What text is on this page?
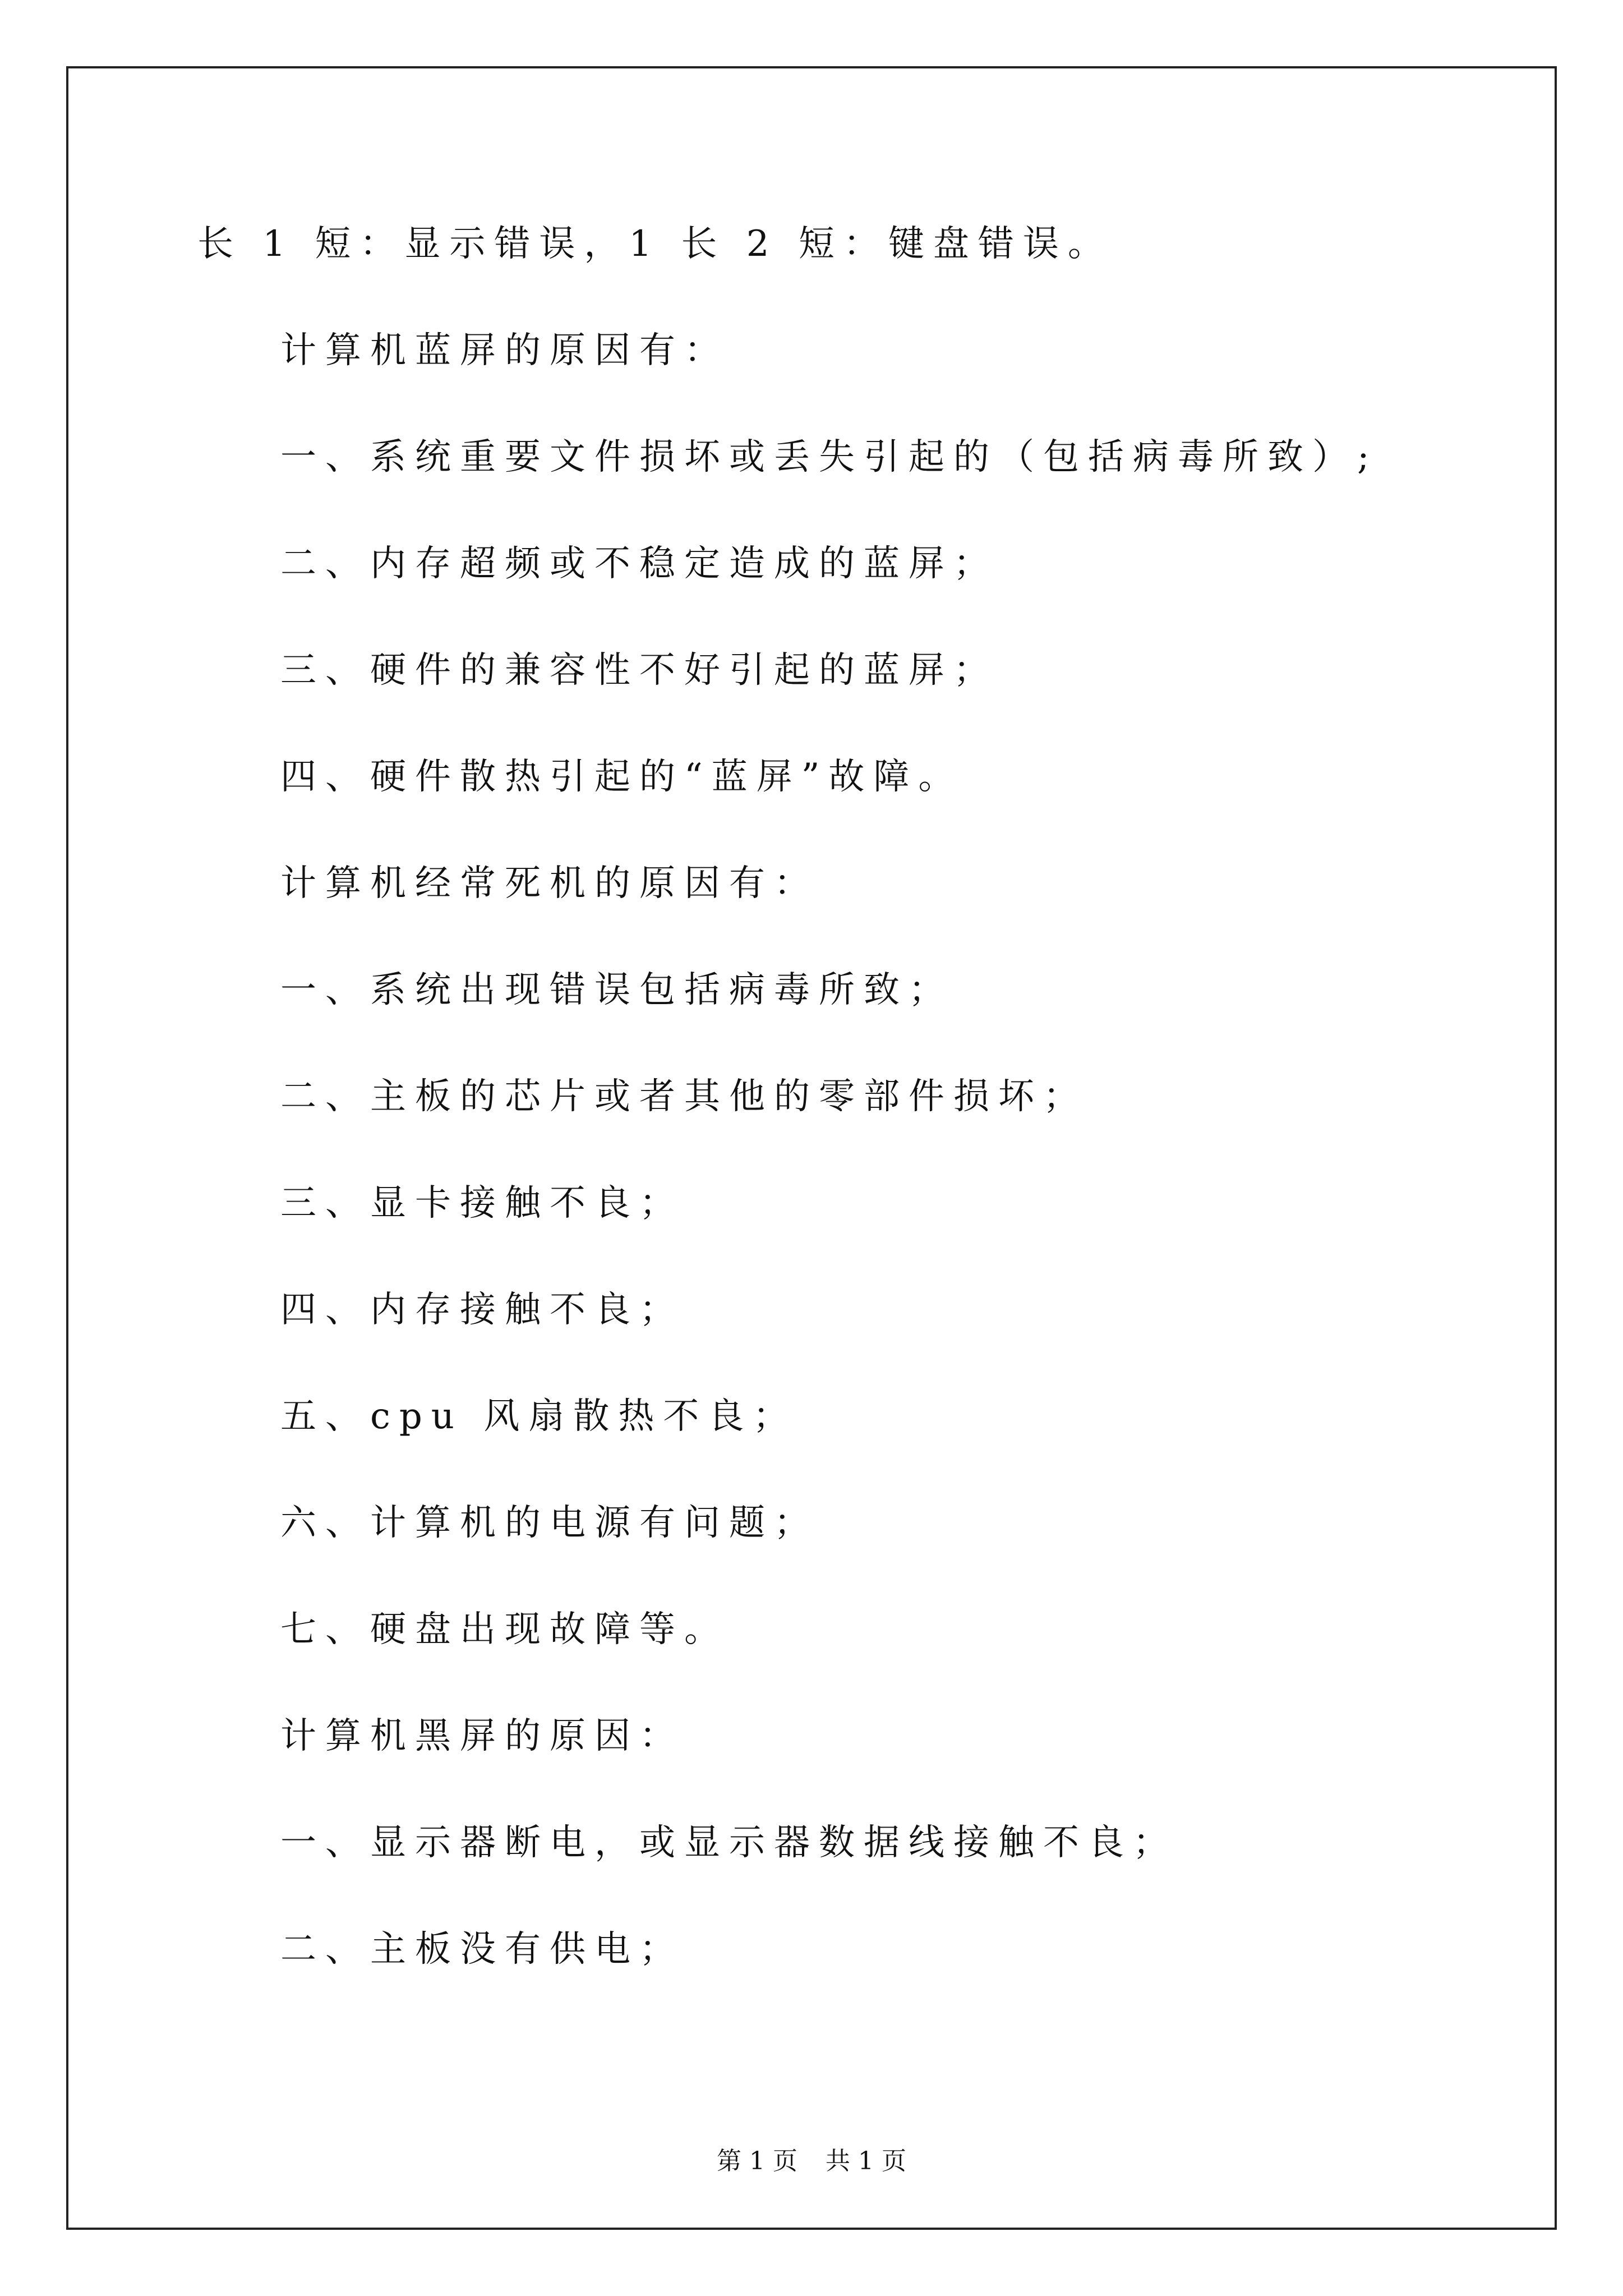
长 1 短：显示错误，1 长 2 短：键盘错误。

计算机蓝屏的原因有：

一、系统重要文件损坏或丢失引起的（包括病毒所致）;

二、内存超频或不稳定造成的蓝屏；

三、硬件的兼容性不好引起的蓝屏；

四、硬件散热引起的“蓝屏”故障。

计算机经常死机的原因有：

一、系统出现错误包括病毒所致；

二、主板的芯片或者其他的零部件损坏；

三、显卡接触不良；

四、内存接触不良；

五、cpu 风扇散热不良；

六、计算机的电源有问题；

七、硬盘出现故障等。

计算机黑屏的原因：

一、显示器断电，或显示器数据线接触不良；

二、主板没有供电；

第 1 页 共 1 页
